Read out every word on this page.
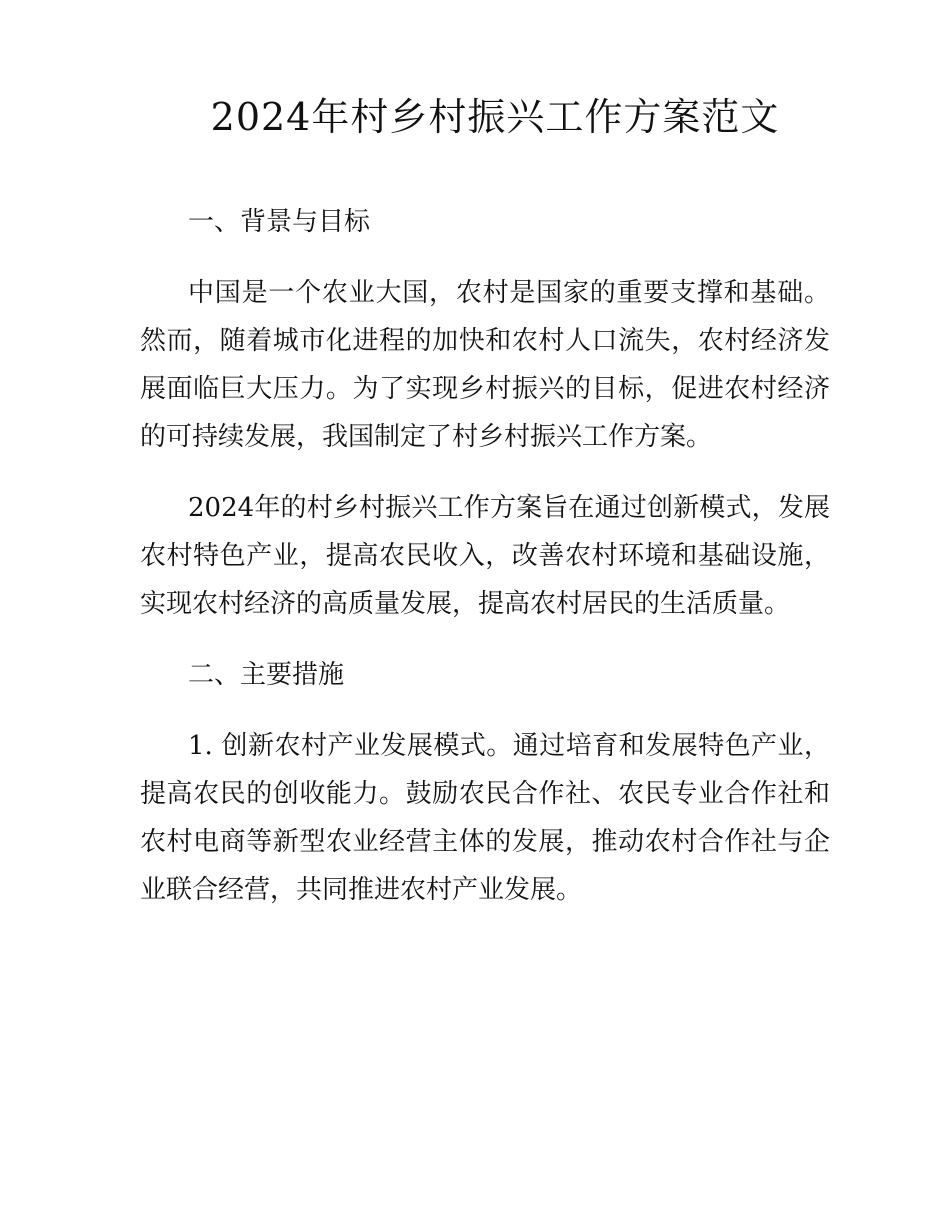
2024年村乡村振兴工作方案范文

一、背景与目标

中国是一个农业大国，农村是国家的重要支撑和基础。然而，随着城市化进程的加快和农村人口流失，农村经济发展面临巨大压力。为了实现乡村振兴的目标，促进农村经济的可持续发展，我国制定了村乡村振兴工作方案。

2024年的村乡村振兴工作方案旨在通过创新模式，发展农村特色产业，提高农民收入，改善农村环境和基础设施，实现农村经济的高质量发展，提高农村居民的生活质量。

二、主要措施

1. 创新农村产业发展模式。通过培育和发展特色产业，提高农民的创收能力。鼓励农民合作社、农民专业合作社和农村电商等新型农业经营主体的发展，推动农村合作社与企业联合经营，共同推进农村产业发展。
